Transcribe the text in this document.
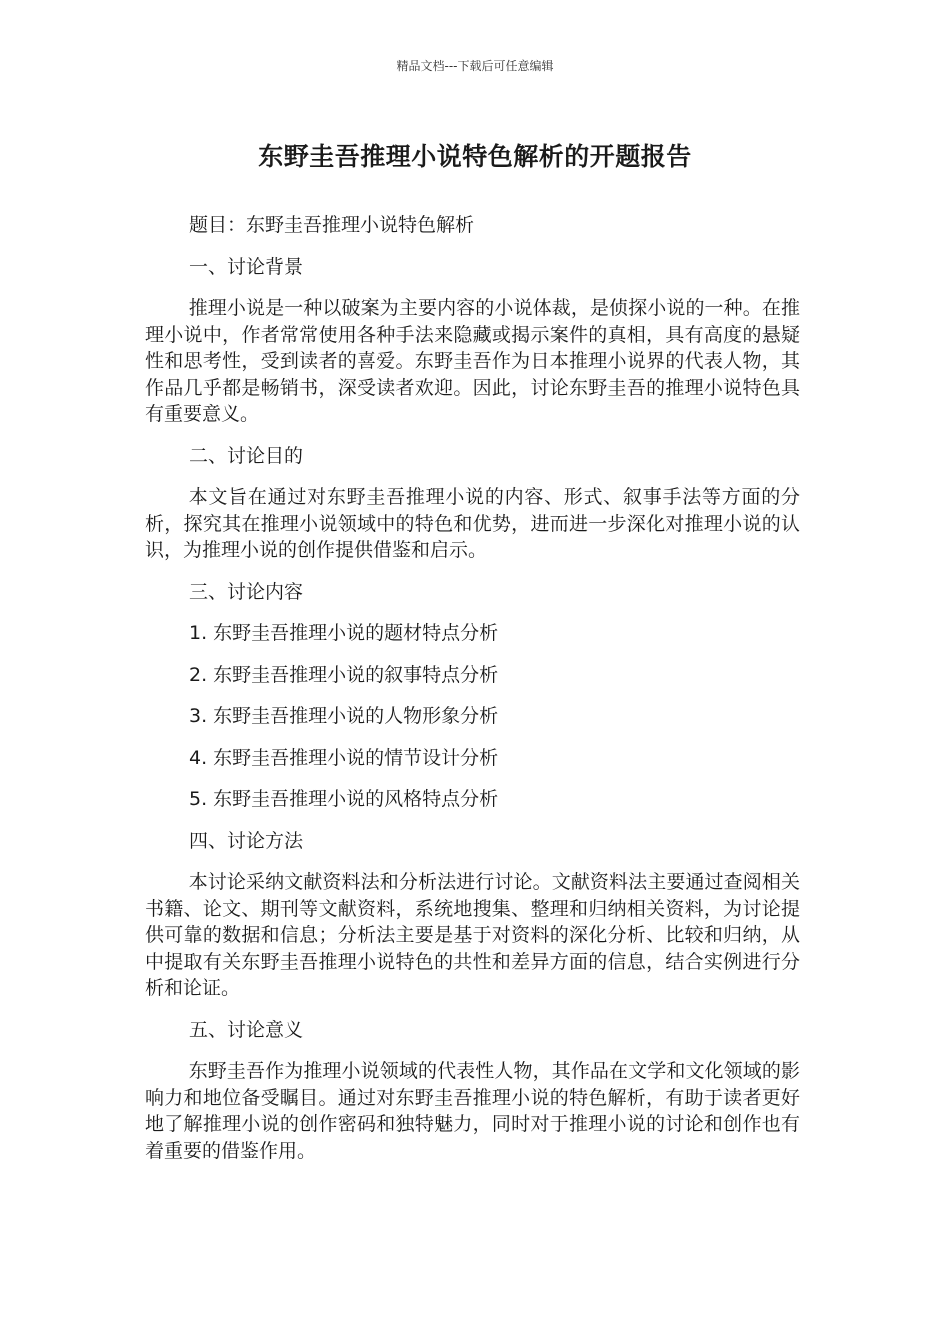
精品文档---下载后可任意编辑
东野圭吾推理小说特色解析的开题报告
题目：东野圭吾推理小说特色解析
一、讨论背景

推理小说是一种以破案为主要内容的小说体裁，是侦探小说的一种。在推理小说中，作者常常使用各种手法来隐藏或揭示案件的真相，具有高度的悬疑性和思考性，受到读者的喜爱。东野圭吾作为日本推理小说界的代表人物，其作品几乎都是畅销书，深受读者欢迎。因此，讨论东野圭吾的推理小说特色具有重要意义。

二、讨论目的

本文旨在通过对东野圭吾推理小说的内容、形式、叙事手法等方面的分析，探究其在推理小说领域中的特色和优势，进而进一步深化对推理小说的认识，为推理小说的创作提供借鉴和启示。

三、讨论内容
1. 东野圭吾推理小说的题材特点分析
2. 东野圭吾推理小说的叙事特点分析
3. 东野圭吾推理小说的人物形象分析
4. 东野圭吾推理小说的情节设计分析
5. 东野圭吾推理小说的风格特点分析
四、讨论方法

本讨论采纳文献资料法和分析法进行讨论。文献资料法主要通过查阅相关书籍、论文、期刊等文献资料，系统地搜集、整理和归纳相关资料，为讨论提供可靠的数据和信息；分析法主要是基于对资料的深化分析、比较和归纳，从中提取有关东野圭吾推理小说特色的共性和差异方面的信息，结合实例进行分析和论证。

五、讨论意义

东野圭吾作为推理小说领域的代表性人物，其作品在文学和文化领域的影响力和地位备受瞩目。通过对东野圭吾推理小说的特色解析，有助于读者更好地了解推理小说的创作密码和独特魅力，同时对于推理小说的讨论和创作也有着重要的借鉴作用。
